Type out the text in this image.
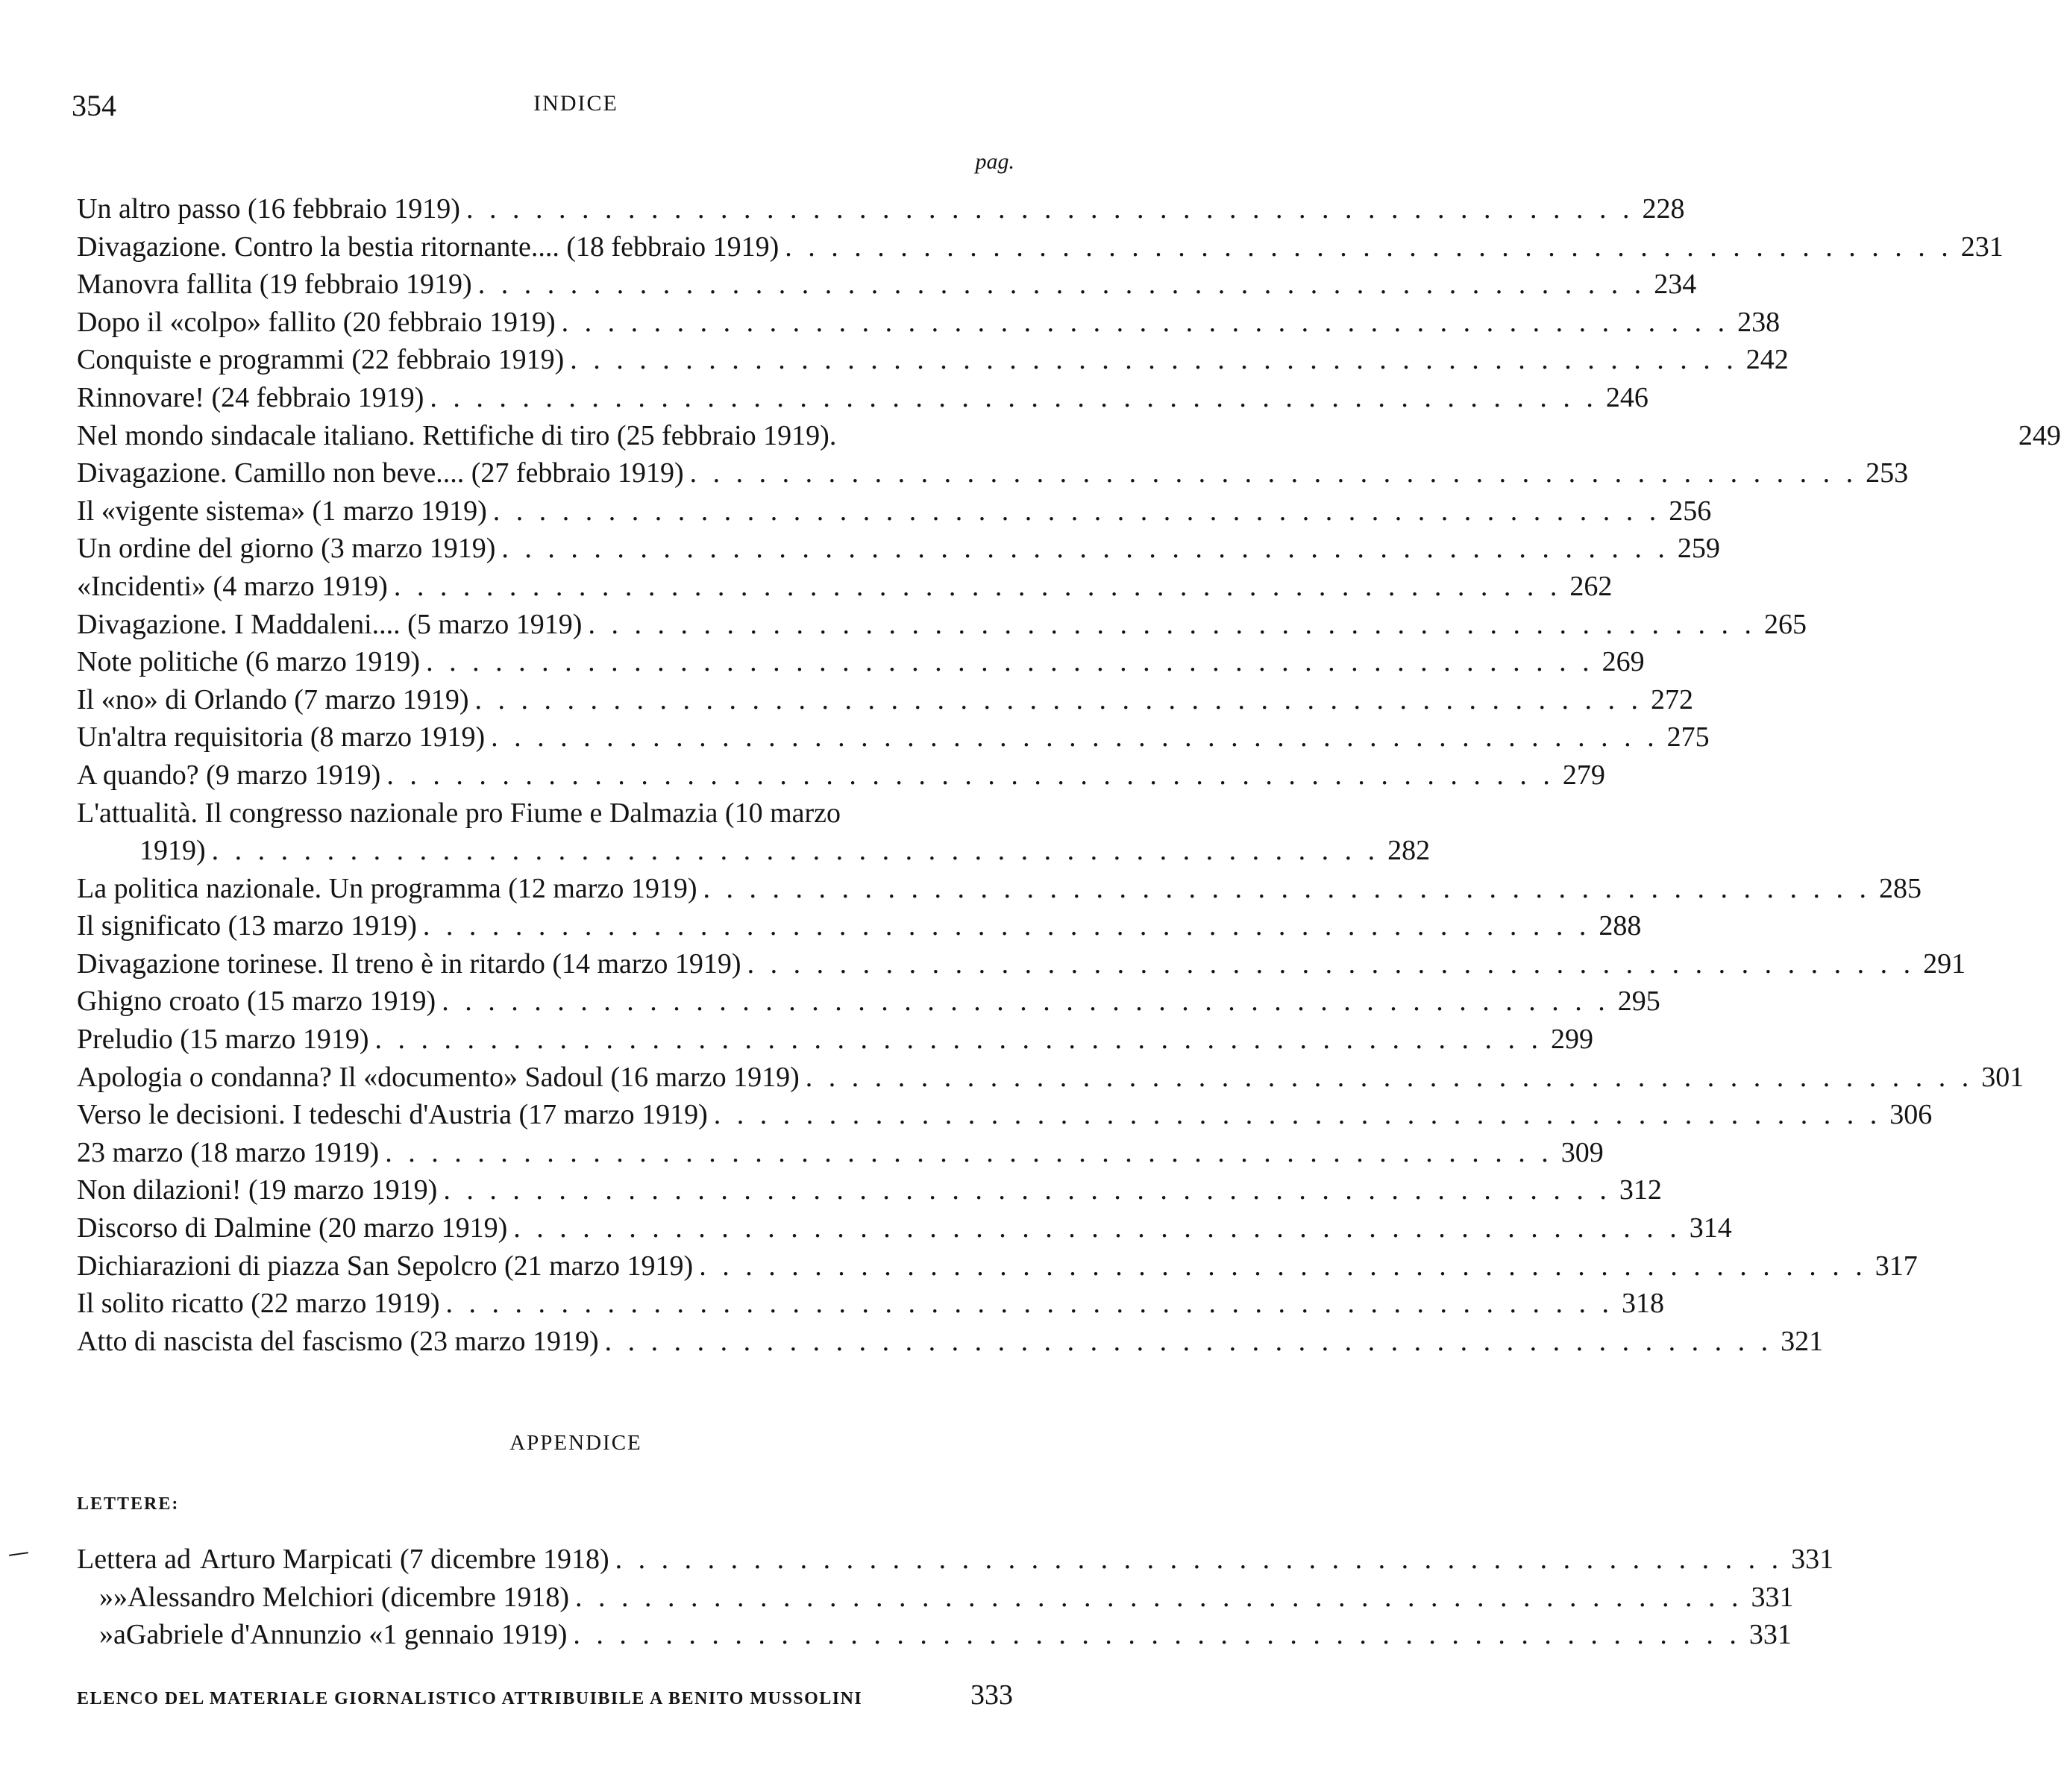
354	INDICE
pag.
Un altro passo (16 febbraio 1919) . . .	228
Divagazione. Contro la bestia ritornante.... (18 febbraio 1919) . . .	231
Manovra fallita (19 febbraio 1919) . . .	234
Dopo il «colpo» fallito (20 febbraio 1919) . . .	238
Conquiste e programmi (22 febbraio 1919) . . .	242
Rinnovare! (24 febbraio 1919) . . .	246
Nel mondo sindacale italiano. Rettifiche di tiro (25 febbraio 1919).	249
Divagazione. Camillo non beve.... (27 febbraio 1919) . . .	253
Il «vigente sistema» (1 marzo 1919) . . .	256
Un ordine del giorno (3 marzo 1919) . . .	259
«Incidenti» (4 marzo 1919) . . .	262
Divagazione. I Maddaleni.... (5 marzo 1919) . . .	265
Note politiche (6 marzo 1919) . . .	269
Il «no» di Orlando (7 marzo 1919) . . .	272
Un'altra requisitoria (8 marzo 1919) . . .	275
A quando? (9 marzo 1919) . . .	279
L'attualità. Il congresso nazionale pro Fiume e Dalmazia (10 marzo
1919) . . .	282
La politica nazionale. Un programma (12 marzo 1919) . . .	285
Il significato (13 marzo 1919) . . .	288
Divagazione torinese. Il treno è in ritardo (14 marzo 1919) . . .	291
Ghigno croato (15 marzo 1919) . . .	295
Preludio (15 marzo 1919) . . .	299
Apologia o condanna? Il «documento» Sadoul (16 marzo 1919) . . .	301
Verso le decisioni. I tedeschi d'Austria (17 marzo 1919) . . .	306
23 marzo (18 marzo 1919) . . .	309
Non dilazioni! (19 marzo 1919) . . .	312
Discorso di Dalmine (20 marzo 1919) . . .	314
Dichiarazioni di piazza San Sepolcro (21 marzo 1919) . . .	317
Il solito ricatto (22 marzo 1919) . . .	318
Atto di nascista del fascismo (23 marzo 1919) . . .	321
APPENDICE
LETTERE:
Lettera ad Arturo Marpicati (7 dicembre 1918) . . .	331
» » Alessandro Melchiori (dicembre 1918) . . .	331
» a Gabriele d'Annunzio «1 gennaio 1919) . . .	331
ELENCO DEL MATERIALE GIORNALISTICO ATTRIBUIBILE A BENITO MUSSOLINI	333
